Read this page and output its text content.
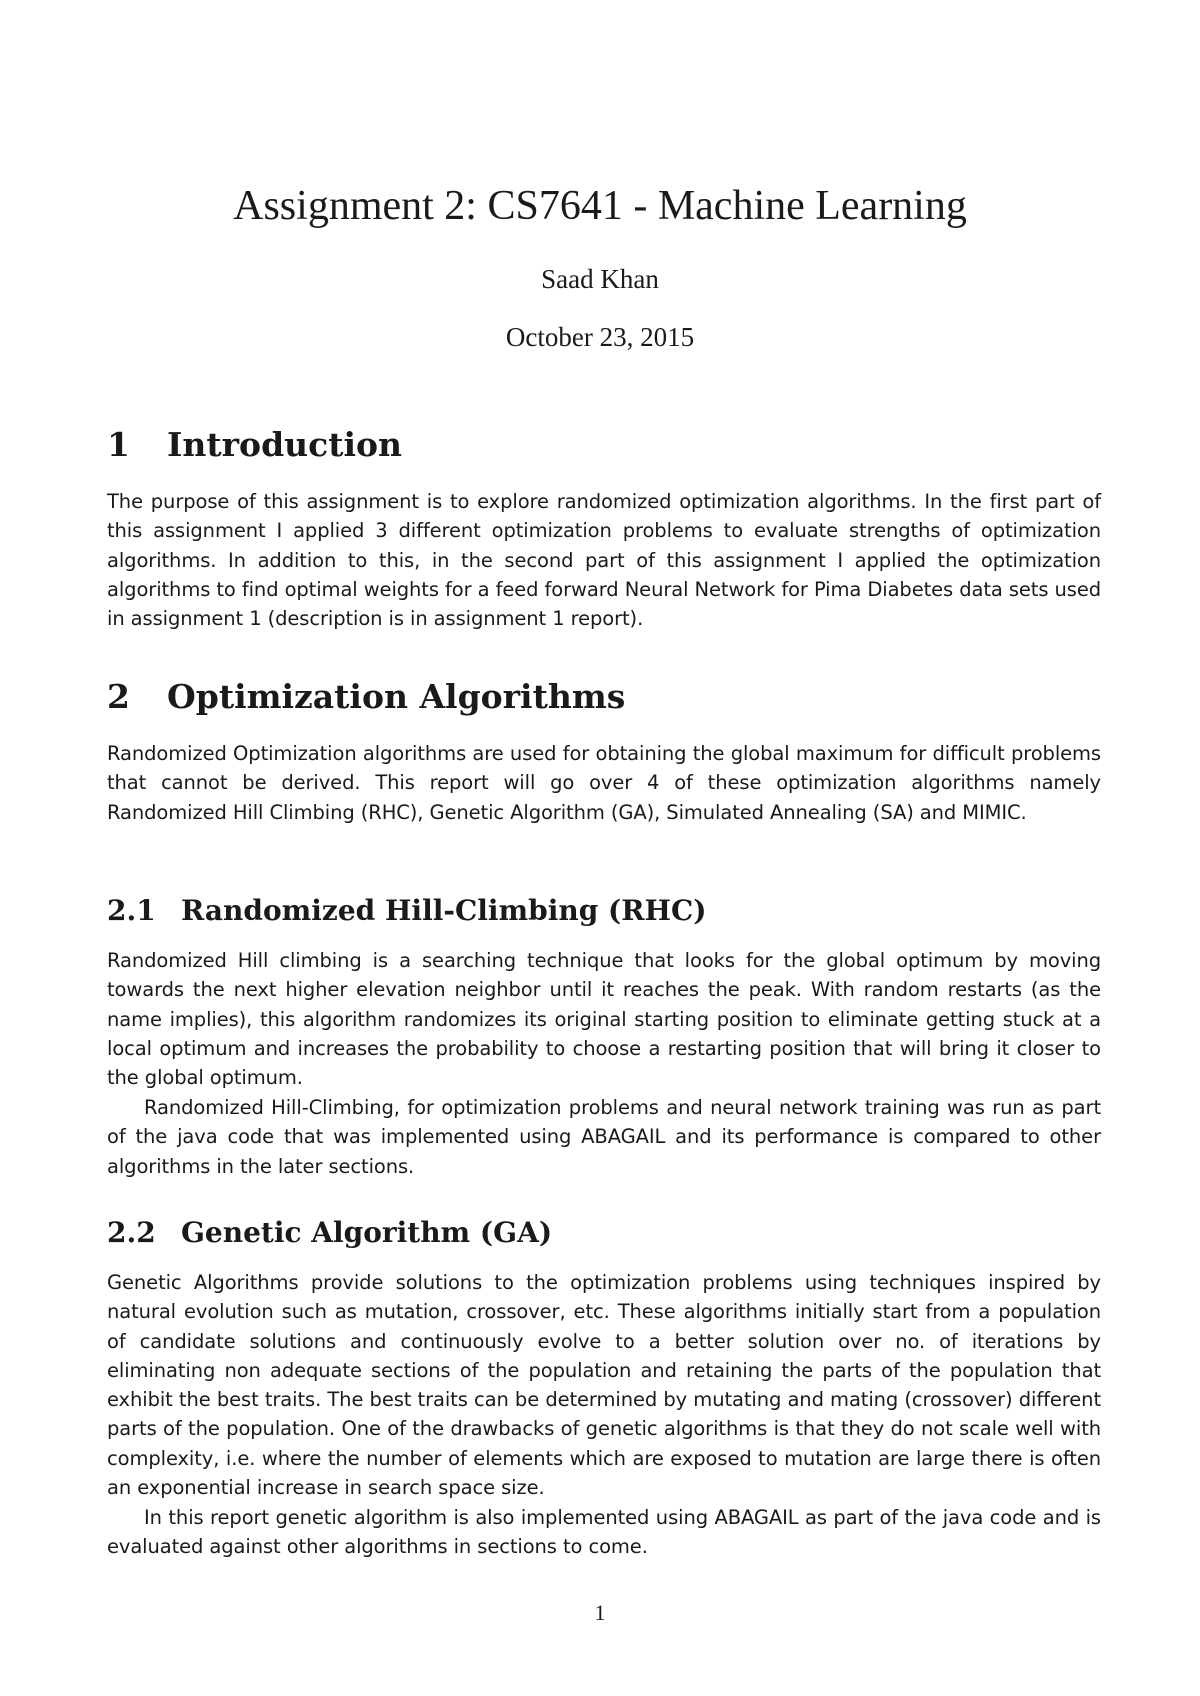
Assignment 2: CS7641 - Machine Learning
Saad Khan
October 23, 2015
1 Introduction
The purpose of this assignment is to explore randomized optimization algorithms. In the first part of this assignment I applied 3 different optimization problems to evaluate strengths of optimization algorithms. In addition to this, in the second part of this assignment I applied the optimization algorithms to find optimal weights for a feed forward Neural Network for Pima Diabetes data sets used in assignment 1 (description is in assignment 1 report).
2 Optimization Algorithms
Randomized Optimization algorithms are used for obtaining the global maximum for difficult problems that cannot be derived. This report will go over 4 of these optimization algorithms namely Randomized Hill Climbing (RHC), Genetic Algorithm (GA), Simulated Annealing (SA) and MIMIC.
2.1 Randomized Hill-Climbing (RHC)
Randomized Hill climbing is a searching technique that looks for the global optimum by moving towards the next higher elevation neighbor until it reaches the peak. With random restarts (as the name implies), this algorithm randomizes its original starting position to eliminate getting stuck at a local optimum and increases the probability to choose a restarting position that will bring it closer to the global optimum.
Randomized Hill-Climbing, for optimization problems and neural network training was run as part of the java code that was implemented using ABAGAIL and its performance is compared to other algorithms in the later sections.
2.2 Genetic Algorithm (GA)
Genetic Algorithms provide solutions to the optimization problems using techniques inspired by natural evolution such as mutation, crossover, etc. These algorithms initially start from a population of candidate solutions and continuously evolve to a better solution over no. of iterations by eliminating non adequate sections of the population and retaining the parts of the population that exhibit the best traits. The best traits can be determined by mutating and mating (crossover) different parts of the population. One of the drawbacks of genetic algorithms is that they do not scale well with complexity, i.e. where the number of elements which are exposed to mutation are large there is often an exponential increase in search space size.
In this report genetic algorithm is also implemented using ABAGAIL as part of the java code and is evaluated against other algorithms in sections to come.
1
